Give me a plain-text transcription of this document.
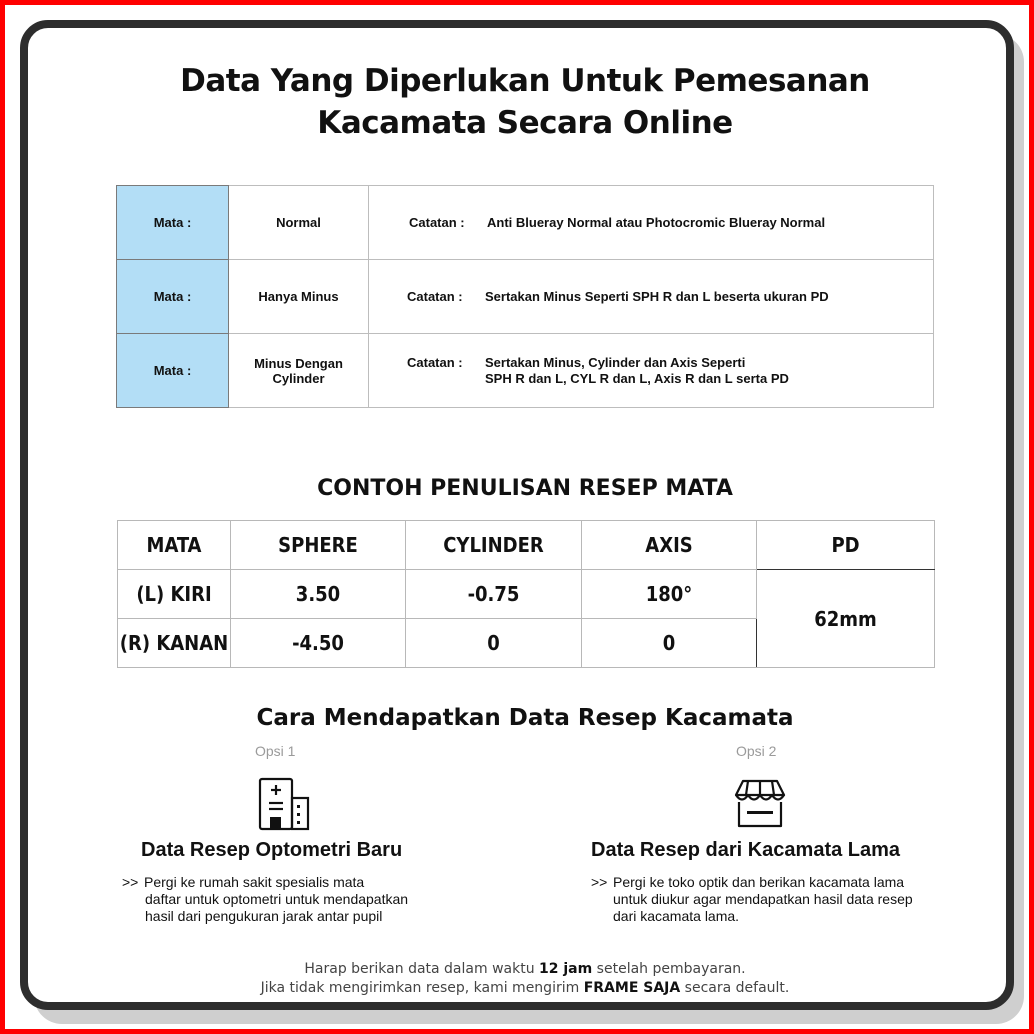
Data Yang Diperlukan Untuk Pemesanan
Kacamata Secara Online
Mata :	Normal	Catatan : Anti Blueray Normal atau Photocromic Blueray Normal

Mata :	Hanya Minus	Catatan : Sertakan Minus Seperti SPH R dan L beserta ukuran PD

Mata :	Minus Dengan Cylinder	Catatan : Sertakan Minus, Cylinder dan Axis Seperti
SPH R dan L, CYL R dan L, Axis R dan L serta PD
CONTOH PENULISAN RESEP MATA
MATA	SPHERE	CYLINDER	AXIS	PD
(L) KIRI	3.50	-0.75	180°	62mm
(R) KANAN	-4.50	0	0	
Cara Mendapatkan Data Resep Kacamata
Opsi 1
Data Resep Optometri Baru
>> Pergi ke rumah sakit spesialis mata
daftar untuk optometri untuk mendapatkan
hasil dari pengukuran jarak antar pupil
Opsi 2
Data Resep dari Kacamata Lama
>> Pergi ke toko optik dan berikan kacamata lama
untuk diukur agar mendapatkan hasil data resep
dari kacamata lama.
Harap berikan data dalam waktu 12 jam setelah pembayaran.
Jika tidak mengirimkan resep, kami mengirim FRAME SAJA secara default.
